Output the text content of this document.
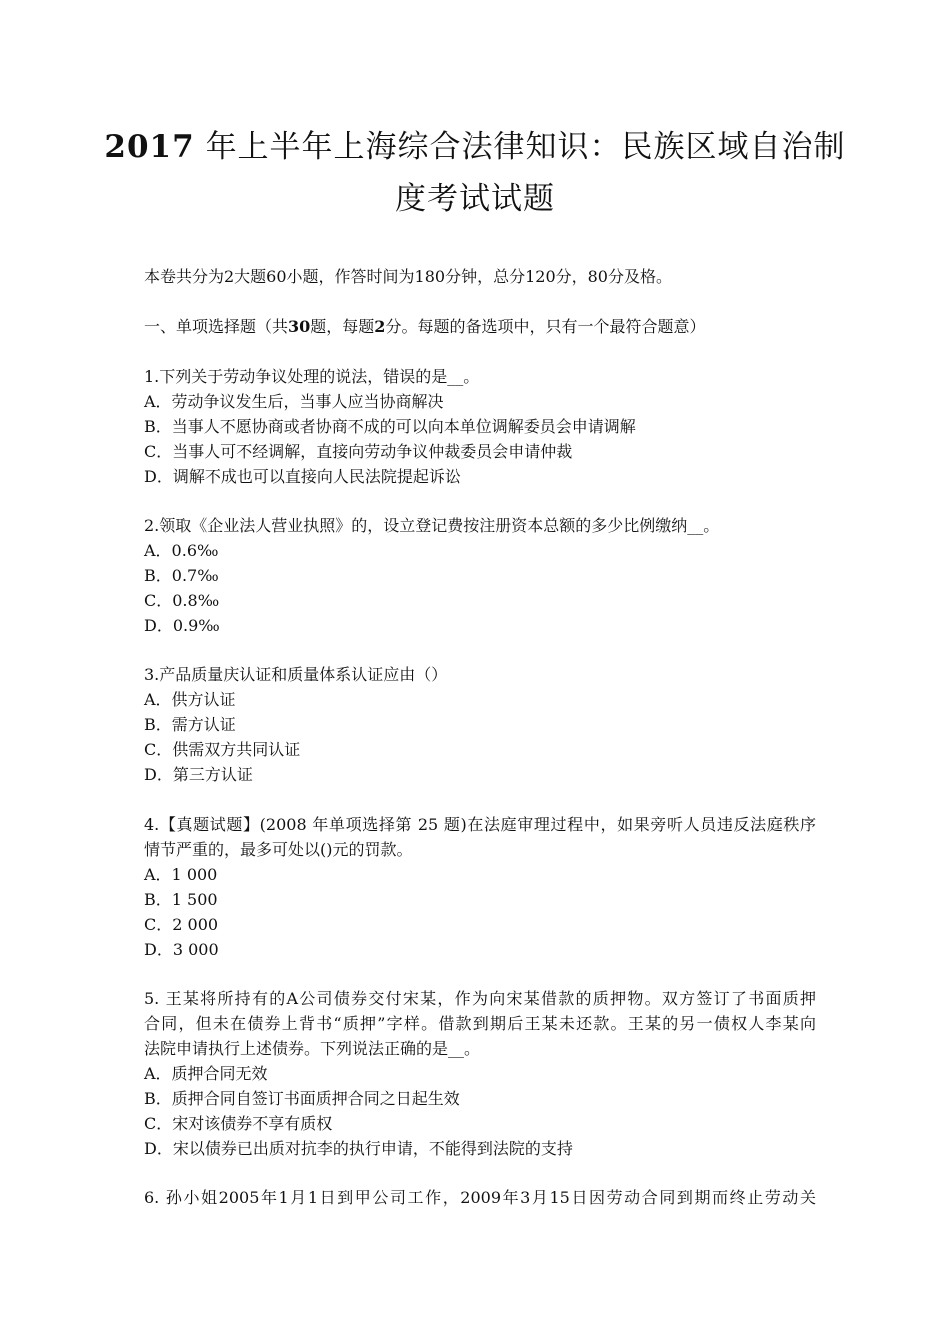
2017 年上半年上海综合法律知识：民族区域自治制
度考试试题
本卷共分为2大题60小题，作答时间为180分钟，总分120分，80分及格。
一、单项选择题（共30题，每题2分。每题的备选项中，只有一个最符合题意）
1.下列关于劳动争议处理的说法，错误的是__。
A．劳动争议发生后，当事人应当协商解决
B．当事人不愿协商或者协商不成的可以向本单位调解委员会申请调解
C．当事人可不经调解，直接向劳动争议仲裁委员会申请仲裁
D．调解不成也可以直接向人民法院提起诉讼
2.领取《企业法人营业执照》的，设立登记费按注册资本总额的多少比例缴纳__。
A．0.6‰
B．0.7‰
C．0.8‰
D．0.9‰
3.产品质量庆认证和质量体系认证应由（）
A．供方认证
B．需方认证
C．供需双方共同认证
D．第三方认证
4.【真题试题】(2008 年单项选择第 25 题)在法庭审理过程中，如果旁听人员违反法庭秩序
情节严重的，最多可处以()元的罚款。
A．1 000
B．1 500
C．2 000
D．3 000
5. 王某将所持有的A公司债券交付宋某，作为向宋某借款的质押物。双方签订了书面质押
合同，但未在债券上背书“质押”字样。借款到期后王某未还款。王某的另一债权人李某向
法院申请执行上述债券。下列说法正确的是__。
A．质押合同无效
B．质押合同自签订书面质押合同之日起生效
C．宋对该债券不享有质权
D．宋以债券已出质对抗李的执行申请，不能得到法院的支持
6. 孙小姐2005年1月1日到甲公司工作，2009年3月15日因劳动合同到期而终止劳动关
